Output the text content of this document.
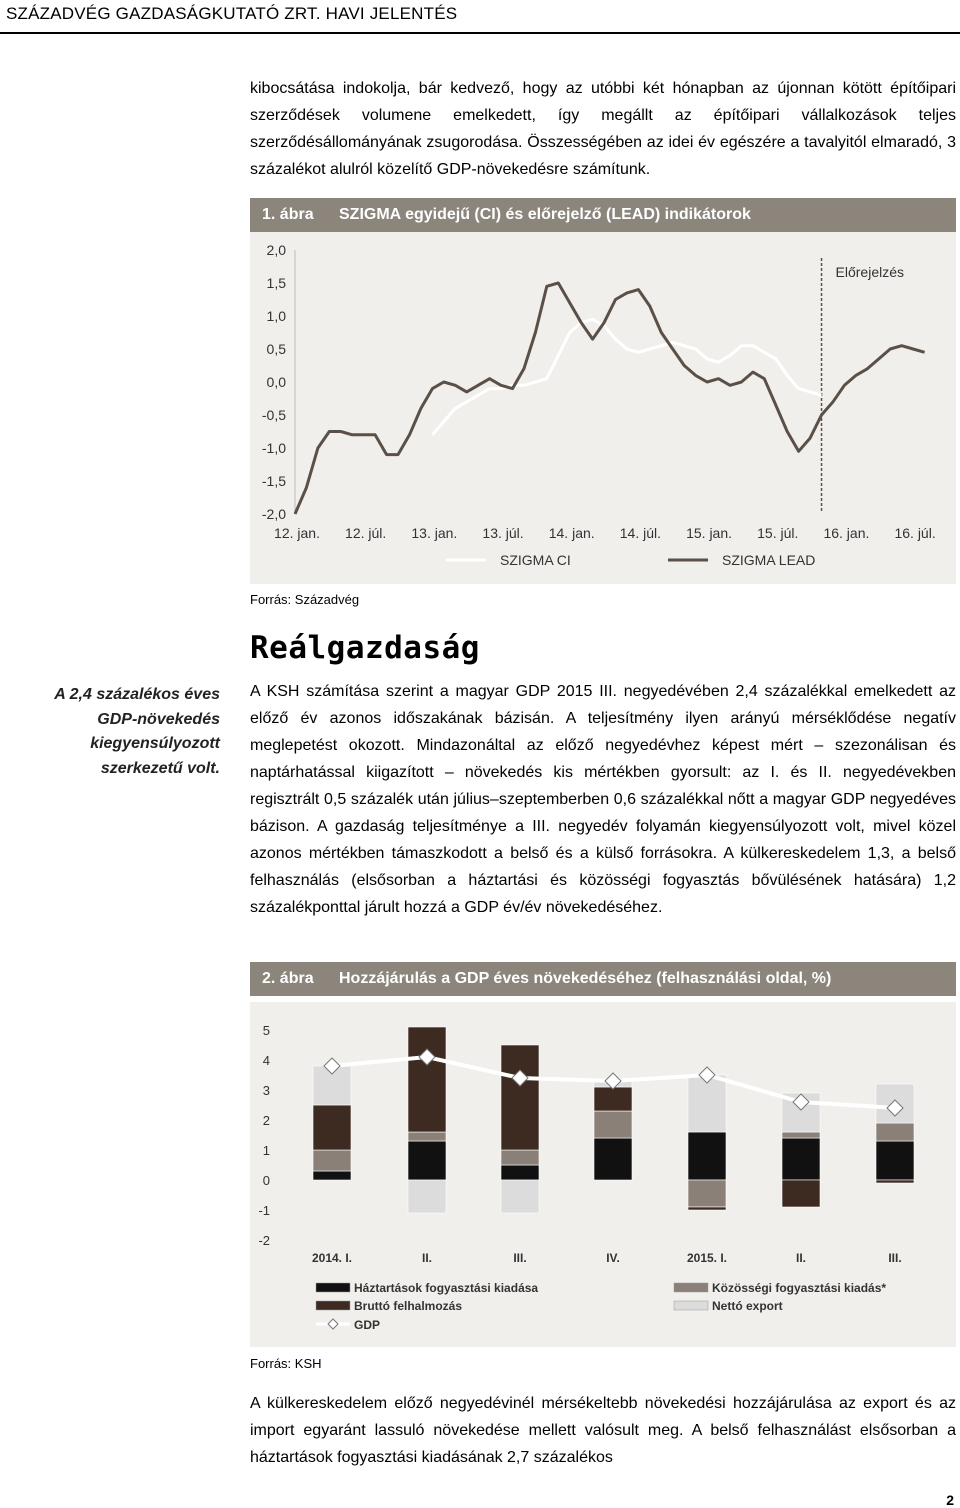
SZÁZADVÉG GAZDASÁGKUTATÓ ZRT. HAVI JELENTÉS
kibocsátása indokolja, bár kedvező, hogy az utóbbi két hónapban az újonnan kötött építőipari szerződések volumene emelkedett, így megállt az építőipari vállalkozások teljes szerződésállományának zsugorodása. Összességében az idei év egészére a tavalyitól elmaradó, 3 százalékot alulról közelítő GDP-növekedésre számítunk.
1. ábra SZIGMA egyidejű (CI) és előrejelző (LEAD) indikátorok
2,0
1,5
1,0
0,5
0,0
-0,5
-1,0
-1,5
-2,0
12. jan. 12. júl. 13. jan. 13. júl. 14. jan. 14. júl. 15. jan. 15. júl. 16. jan. 16. júl.
Előrejelzés
SZIGMA CI	SZIGMA LEAD
Forrás: Századvég
Reálgazdaság
A 2,4 százalékos éves GDP-növekedés kiegyensúlyozott szerkezetű volt.
A KSH számítása szerint a magyar GDP 2015 III. negyedévében 2,4 százalékkal emelkedett az előző év azonos időszakának bázisán. A teljesítmény ilyen arányú mérséklődése negatív meglepetést okozott. Mindazonáltal az előző negyedévhez képest mért – szezonálisan és naptárhatással kiigazított – növekedés kis mértékben gyorsult: az I. és II. negyedévekben regisztrált 0,5 százalék után július–szeptemberben 0,6 százalékkal nőtt a magyar GDP negyedéves bázison. A gazdaság teljesítménye a III. negyedév folyamán kiegyensúlyozott volt, mivel közel azonos mértékben támaszkodott a belső és a külső forrásokra. A külkereskedelem 1,3, a belső felhasználás (elsősorban a háztartási és közösségi fogyasztás bővülésének hatására) 1,2 százalékponttal járult hozzá a GDP év/év növekedéséhez.
2. ábra Hozzájárulás a GDP éves növekedéséhez (felhasználási oldal, %)
5
4
3
2
1
0
-1
-2
2014. I.	II.	III.	IV.	2015. I.	II.	III.
Háztartások fogyasztási kiadása
Bruttó felhalmozás
Közösségi fogyasztási kiadás*
Nettó export
GDP
Forrás: KSH
A külkereskedelem előző negyedévinél mérsékeltebb növekedési hozzájárulása az export és az import egyaránt lassuló növekedése mellett valósult meg. A belső felhasználást elsősorban a háztartások fogyasztási kiadásának 2,7 százalékos
2
